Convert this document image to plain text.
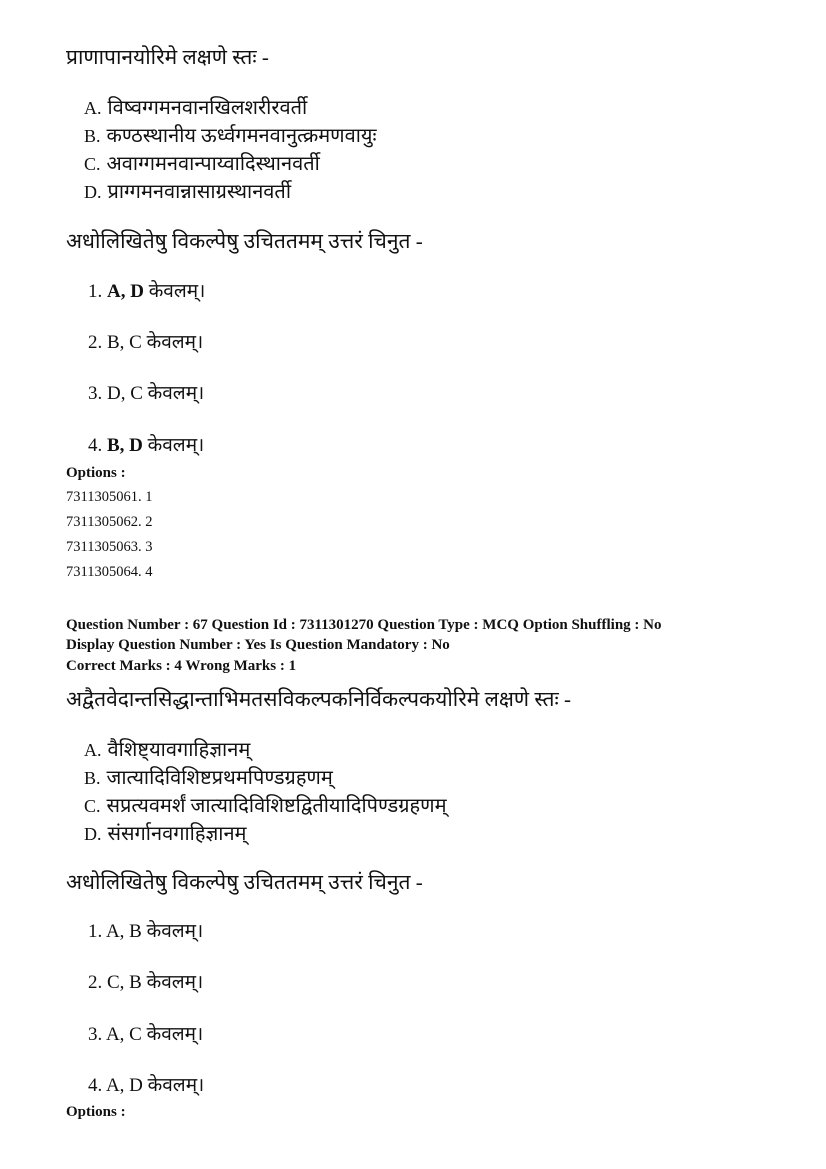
प्राणापानयोरिमे लक्षणे स्तः -
A. विष्वग्गमनवानखिलशरीरवर्ती
B. कण्ठस्थानीय ऊर्ध्वगमनवानुत्क्रमणवायुः
C. अवाग्गमनवान्पाय्वादिस्थानवर्ती
D. प्राग्गमनवान्नासाग्रस्थानवर्ती
अधोलिखितेषु विकल्पेषु उचिततमम् उत्तरं चिनुत -
1. A, D केवलम्।
2. B, C केवलम्।
3. D, C केवलम्।
4. B, D केवलम्।
Options :
7311305061. 1
7311305062. 2
7311305063. 3
7311305064. 4
Question Number : 67 Question Id : 7311301270 Question Type : MCQ Option Shuffling : No
Display Question Number : Yes Is Question Mandatory : No
Correct Marks : 4 Wrong Marks : 1
अद्वैतवेदान्तसिद्धान्ताभिमतसविकल्पकनिर्विकल्पकयोरिमे लक्षणे स्तः -
A. वैशिष्ट्यावगाहिज्ञानम्
B. जात्यादिविशिष्टप्रथमपिण्डग्रहणम्
C. सप्रत्यवमर्शं जात्यादिविशिष्टद्वितीयादिपिण्डग्रहणम्
D. संसर्गानवगाहिज्ञानम्
अधोलिखितेषु विकल्पेषु उचिततमम् उत्तरं चिनुत -
1. A, B केवलम्।
2. C, B केवलम्।
3. A, C केवलम्।
4. A, D केवलम्।
Options :
